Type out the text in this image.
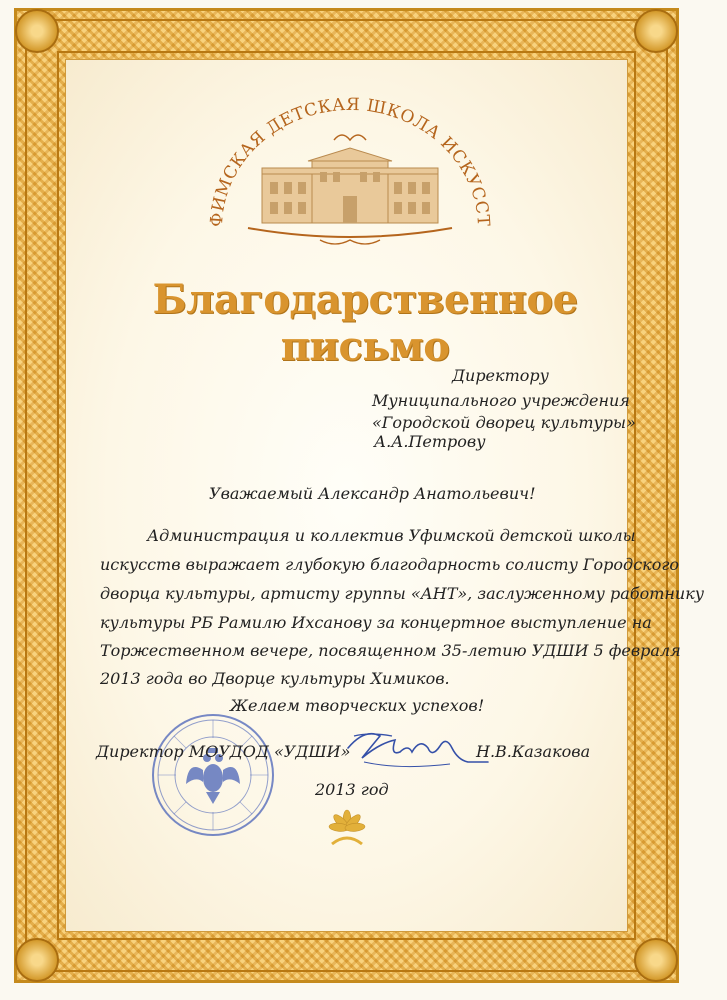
ФИМСКАЯ ДЕТСКАЯ ШКОЛА ИСКУССТ
Благодарственное письмо
Директору
Муниципального учреждения
«Городской дворец культуры»
А.А.Петрову
Уважаемый Александр Анатольевич!
Администрация и коллектив Уфимской детской школы
искусств выражает глубокую благодарность солисту Городского
дворца культуры, артисту группы «АНТ», заслуженному работнику
культуры РБ Рамилю Ихсанову за концертное выступление на
Торжественном вечере, посвященном 35-летию УДШИ 5 февраля
2013 года во Дворце культуры Химиков.
Желаем творческих успехов!
Директор МОУДОД «УДШИ»	Н.В.Казакова
2013 год
